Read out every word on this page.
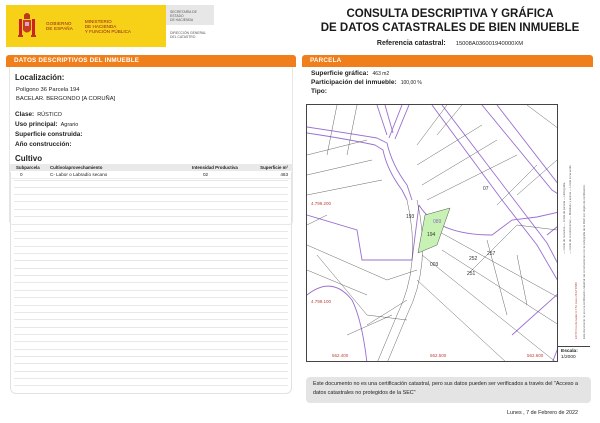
GOBIERNO
DE ESPAÑA
MINISTERIO
DE HACIENDA
Y FUNCIÓN PÚBLICA
SECRETARÍA DE ESTADO
DE HACIENDA
DIRECCIÓN GENERAL
DEL CATASTRO
CONSULTA DESCRIPTIVA Y GRÁFICA
DE DATOS CATASTRALES DE BIEN INMUEBLE
Referencia catastral: 15008A036001940000XM
DATOS DESCRIPTIVOS DEL INMUEBLE
Localización:
Polígono 36 Parcela 194
BACELAR. BERGONDO [A CORUÑA]
Clase: RÚSTICO
Uso principal: Agrario
Superficie construida:
Año construcción:
Cultivo
Subparcela Cultivo/aprovechamiento	Intensidad Productiva	Superficie m²
0	C- Labor o Labradío secano	02	463
PARCELA
Superficie gráfica: 463 m2
Participación del inmueble: 100,00 %
Tipo:
193
194
089
003
252
257
251
07
4.799.200
4.799.100
562.400	562.500	562.600
— Límite de manzana — Límite de parcela — Hidrografía — Límite de construcciones — Mobiliario y aceras — Límite zona verde
ED 50 Coordenadas U.T.M. Huso 29 ETRS89 Este documento no es una certificación catastral; las construcciones con la cartografía de la DGC son objeto de certificación.
Escala:
1/2000
Este documento no es una certificación catastral, pero sus datos pueden ser verificados a través del "Acceso a datos catastrales no protegidos de la SEC"
Lunes , 7 de Febrero de 2022
